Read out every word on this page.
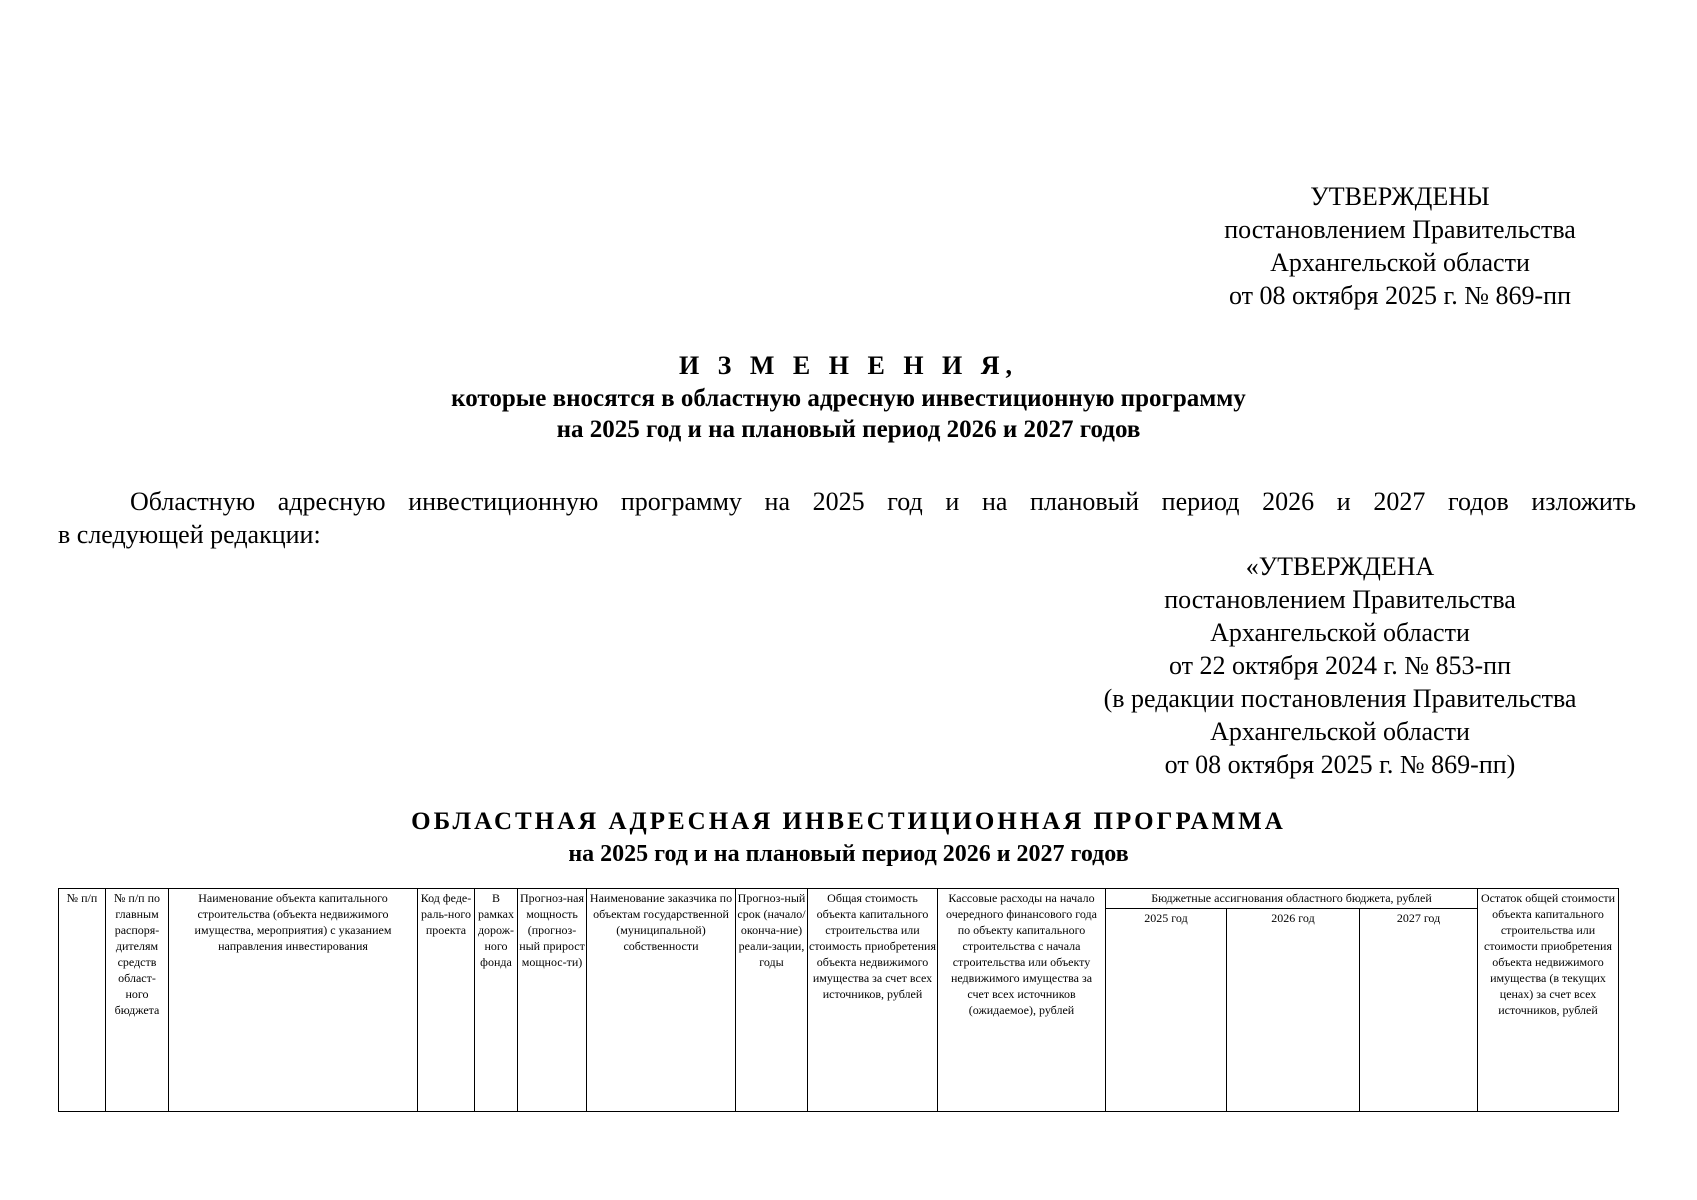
УТВЕРЖДЕНЫ
постановлением Правительства
Архангельской области
от 08 октября 2025 г. № 869-пп
И З М Е Н Е Н И Я,
которые вносятся в областную адресную инвестиционную программу
на 2025 год и на плановый период 2026 и 2027 годов
Областную адресную инвестиционную программу на 2025 год и на плановый период 2026 и 2027 годов изложить
в следующей редакции:
«УТВЕРЖДЕНА
постановлением Правительства
Архангельской области
от 22 октября 2024 г. № 853-пп
(в редакции постановления Правительства
Архангельской области
от 08 октября 2025 г. № 869-пп)
ОБЛАСТНАЯ АДРЕСНАЯ ИНВЕСТИЦИОННАЯ ПРОГРАММА
на 2025 год и на плановый период 2026 и 2027 годов
№ п/п	№ п/п по главным распоря-дителям средств област-ного бюджета	Наименование объекта капитального строительства (объекта недвижимого имущества, мероприятия) с указанием направления инвестирования	Код феде-раль-ного проекта	В рамках дорож-ного фонда	Прогноз-ная мощность (прогноз-ный прирост мощнос-ти)	Наименование заказчика по объектам государственной (муниципальной) собственности	Прогноз-ный срок (начало/ оконча-ние) реали-зации, годы	Общая стоимость объекта капитального строительства или стоимость приобретения объекта недвижимого имущества за счет всех источников, рублей	Кассовые расходы на начало очередного финансового года по объекту капитального строительства с начала строительства или объекту недвижимого имущества за счет всех источников (ожидаемое), рублей	Бюджетные ассигнования областного бюджета, рублей			Остаток общей стоимости объекта капитального строительства или стоимости приобретения объекта недвижимого имущества (в текущих ценах) за счет всех источников, рублей
										2025 год	2026 год	2027 год	
